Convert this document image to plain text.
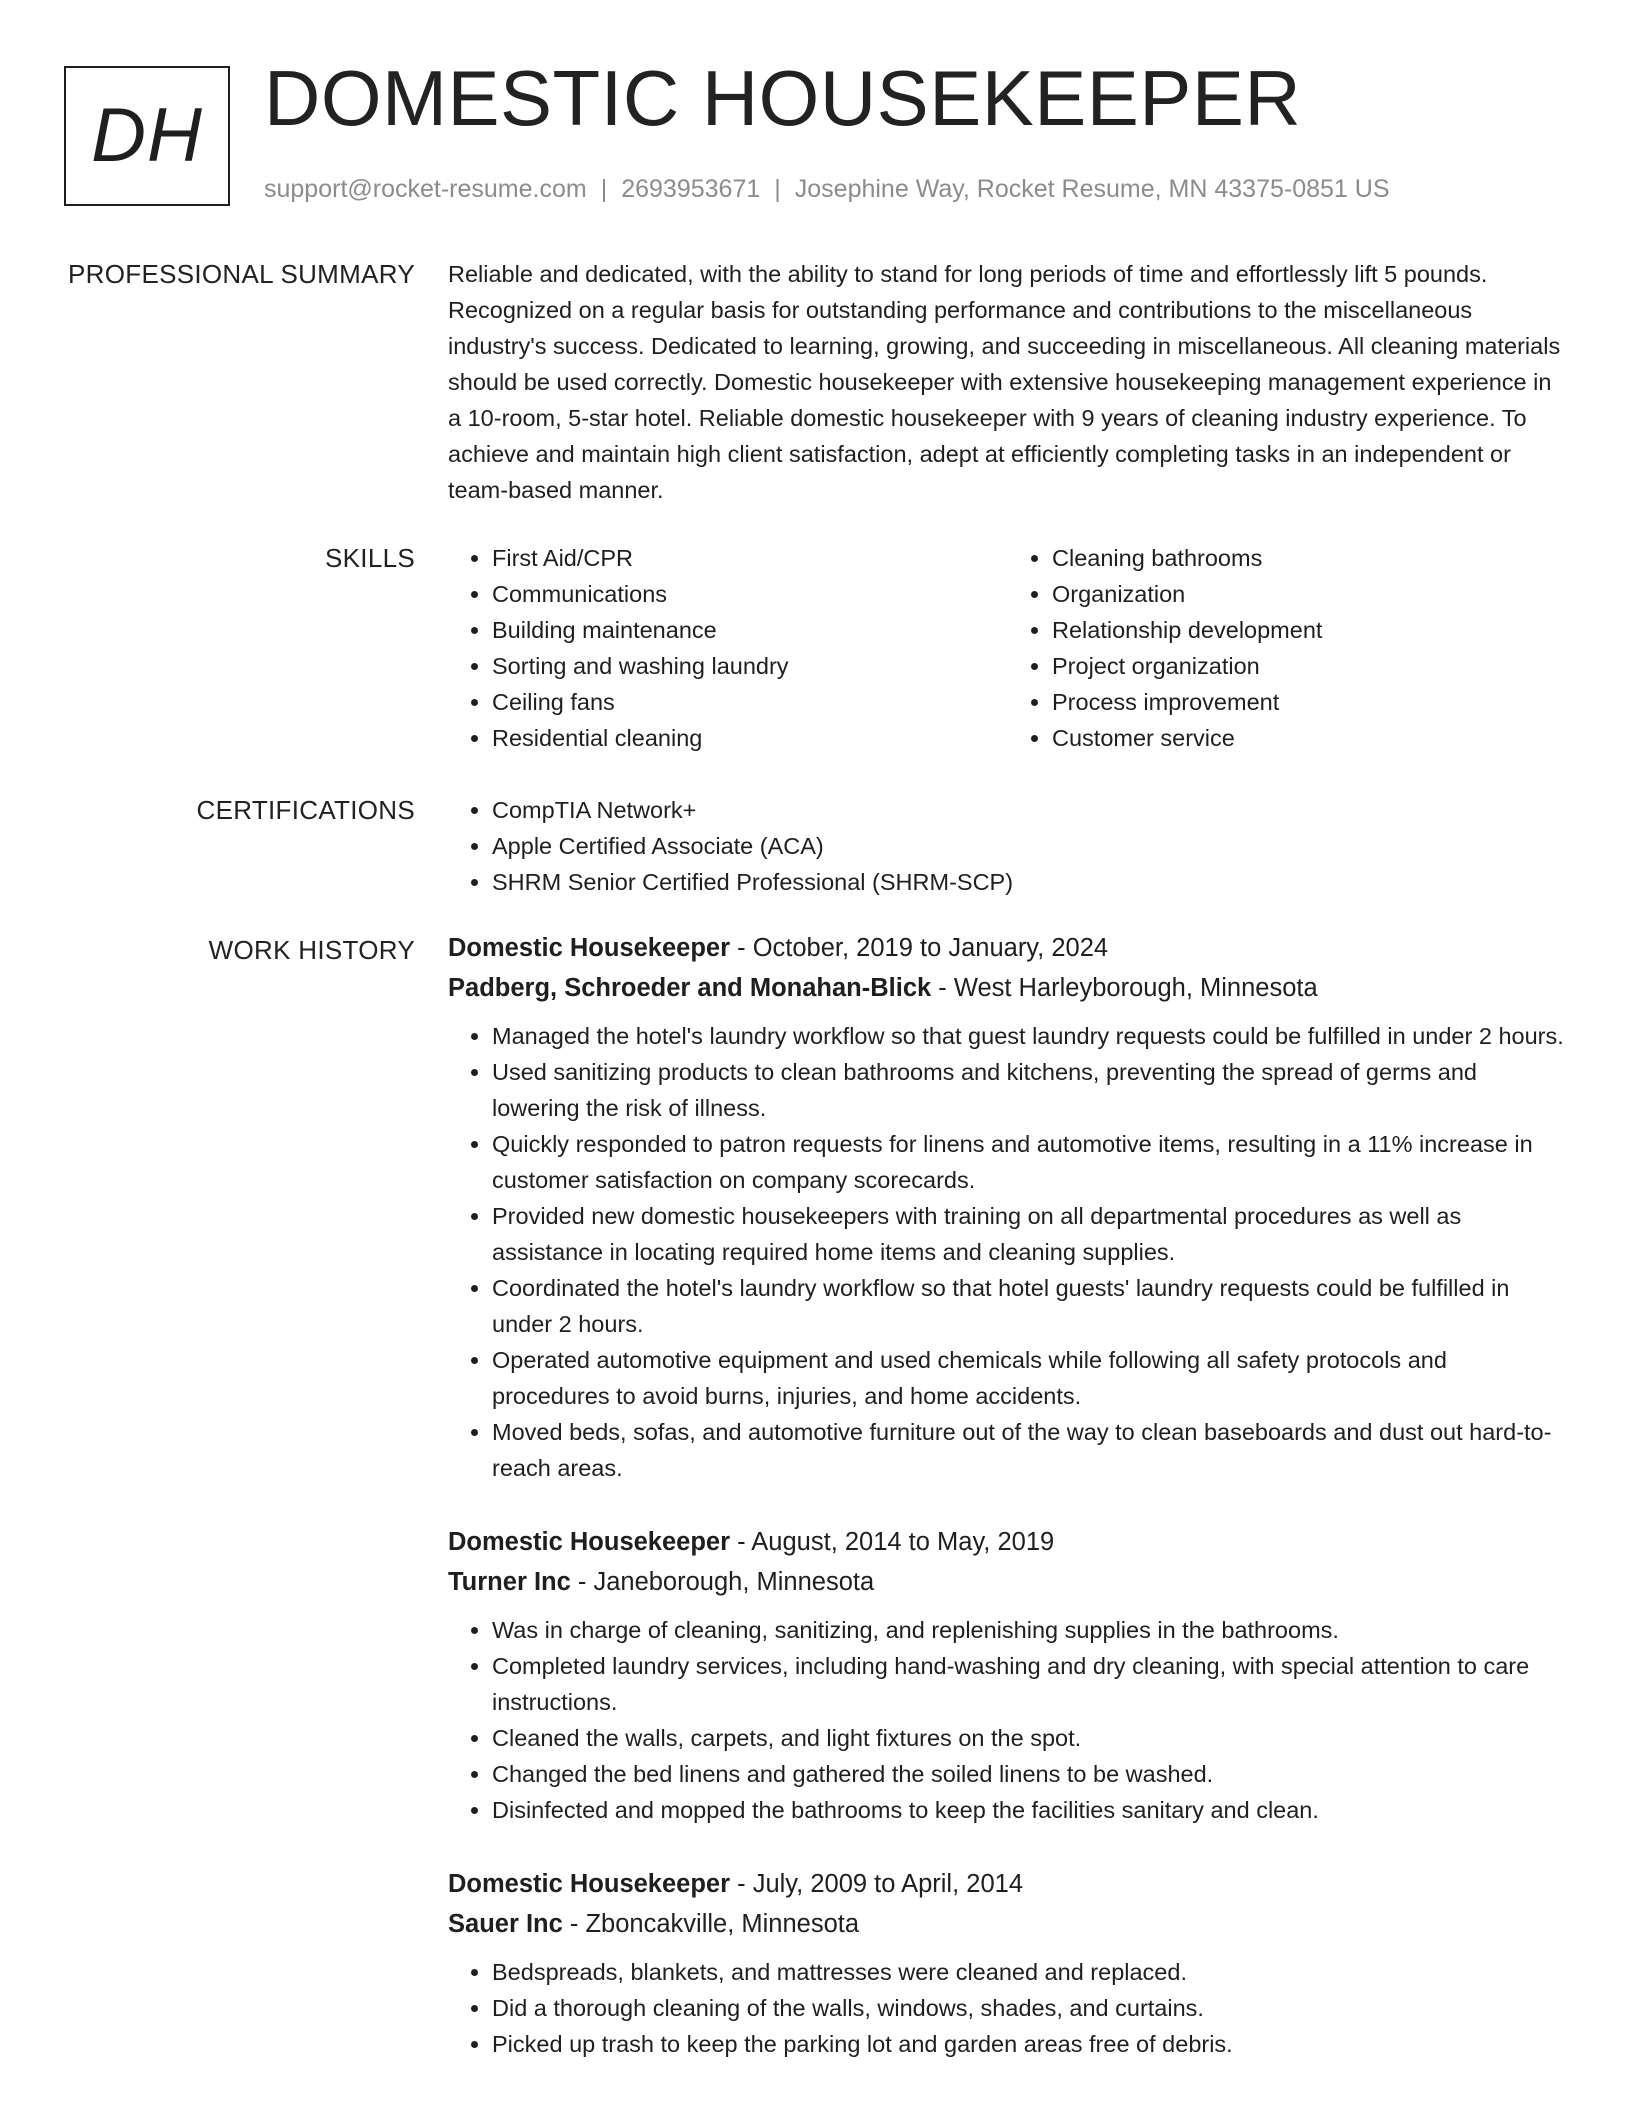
DH DOMESTIC HOUSEKEEPER
support@rocket-resume.com | 2693953671 | Josephine Way, Rocket Resume, MN 43375-0851 US
PROFESSIONAL SUMMARY Reliable and dedicated, with the ability to stand for long periods of time and effortlessly lift 5 pounds. Recognized on a regular basis for outstanding performance and contributions to the miscellaneous industry's success. Dedicated to learning, growing, and succeeding in miscellaneous. All cleaning materials should be used correctly. Domestic housekeeper with extensive housekeeping management experience in a 10-room, 5-star hotel. Reliable domestic housekeeper with 9 years of cleaning industry experience. To achieve and maintain high client satisfaction, adept at efficiently completing tasks in an independent or team-based manner.

SKILLS	• First Aid/CPR
• Communications
• Building maintenance
• Sorting and washing laundry
• Ceiling fans
• Residential cleaning
• Cleaning bathrooms
• Organization
• Relationship development
• Project organization
• Process improvement
• Customer service
CERTIFICATIONS	• CompTIA Network+
• Apple Certified Associate (ACA)
• SHRM Senior Certified Professional (SHRM-SCP)
WORK HISTORY Domestic Housekeeper - October, 2019 to January, 2024
Padberg, Schroeder and Monahan-Blick - West Harleyborough, Minnesota
• Managed the hotel's laundry workflow so that guest laundry requests could be fulfilled in under 2 hours.
• Used sanitizing products to clean bathrooms and kitchens, preventing the spread of germs and lowering the risk of illness.
• Quickly responded to patron requests for linens and automotive items, resulting in a 11% increase in customer satisfaction on company scorecards.
• Provided new domestic housekeepers with training on all departmental procedures as well as assistance in locating required home items and cleaning supplies.
• Coordinated the hotel's laundry workflow so that hotel guests' laundry requests could be fulfilled in under 2 hours.
• Operated automotive equipment and used chemicals while following all safety protocols and procedures to avoid burns, injuries, and home accidents.
• Moved beds, sofas, and automotive furniture out of the way to clean baseboards and dust out hard-to-reach areas.
Domestic Housekeeper - August, 2014 to May, 2019
Turner Inc - Janeborough, Minnesota
• Was in charge of cleaning, sanitizing, and replenishing supplies in the bathrooms.
• Completed laundry services, including hand-washing and dry cleaning, with special attention to care instructions.
• Cleaned the walls, carpets, and light fixtures on the spot.
• Changed the bed linens and gathered the soiled linens to be washed.
• Disinfected and mopped the bathrooms to keep the facilities sanitary and clean.
Domestic Housekeeper - July, 2009 to April, 2014
Sauer Inc - Zboncakville, Minnesota
• Bedspreads, blankets, and mattresses were cleaned and replaced.
• Did a thorough cleaning of the walls, windows, shades, and curtains.
• Picked up trash to keep the parking lot and garden areas free of debris.
